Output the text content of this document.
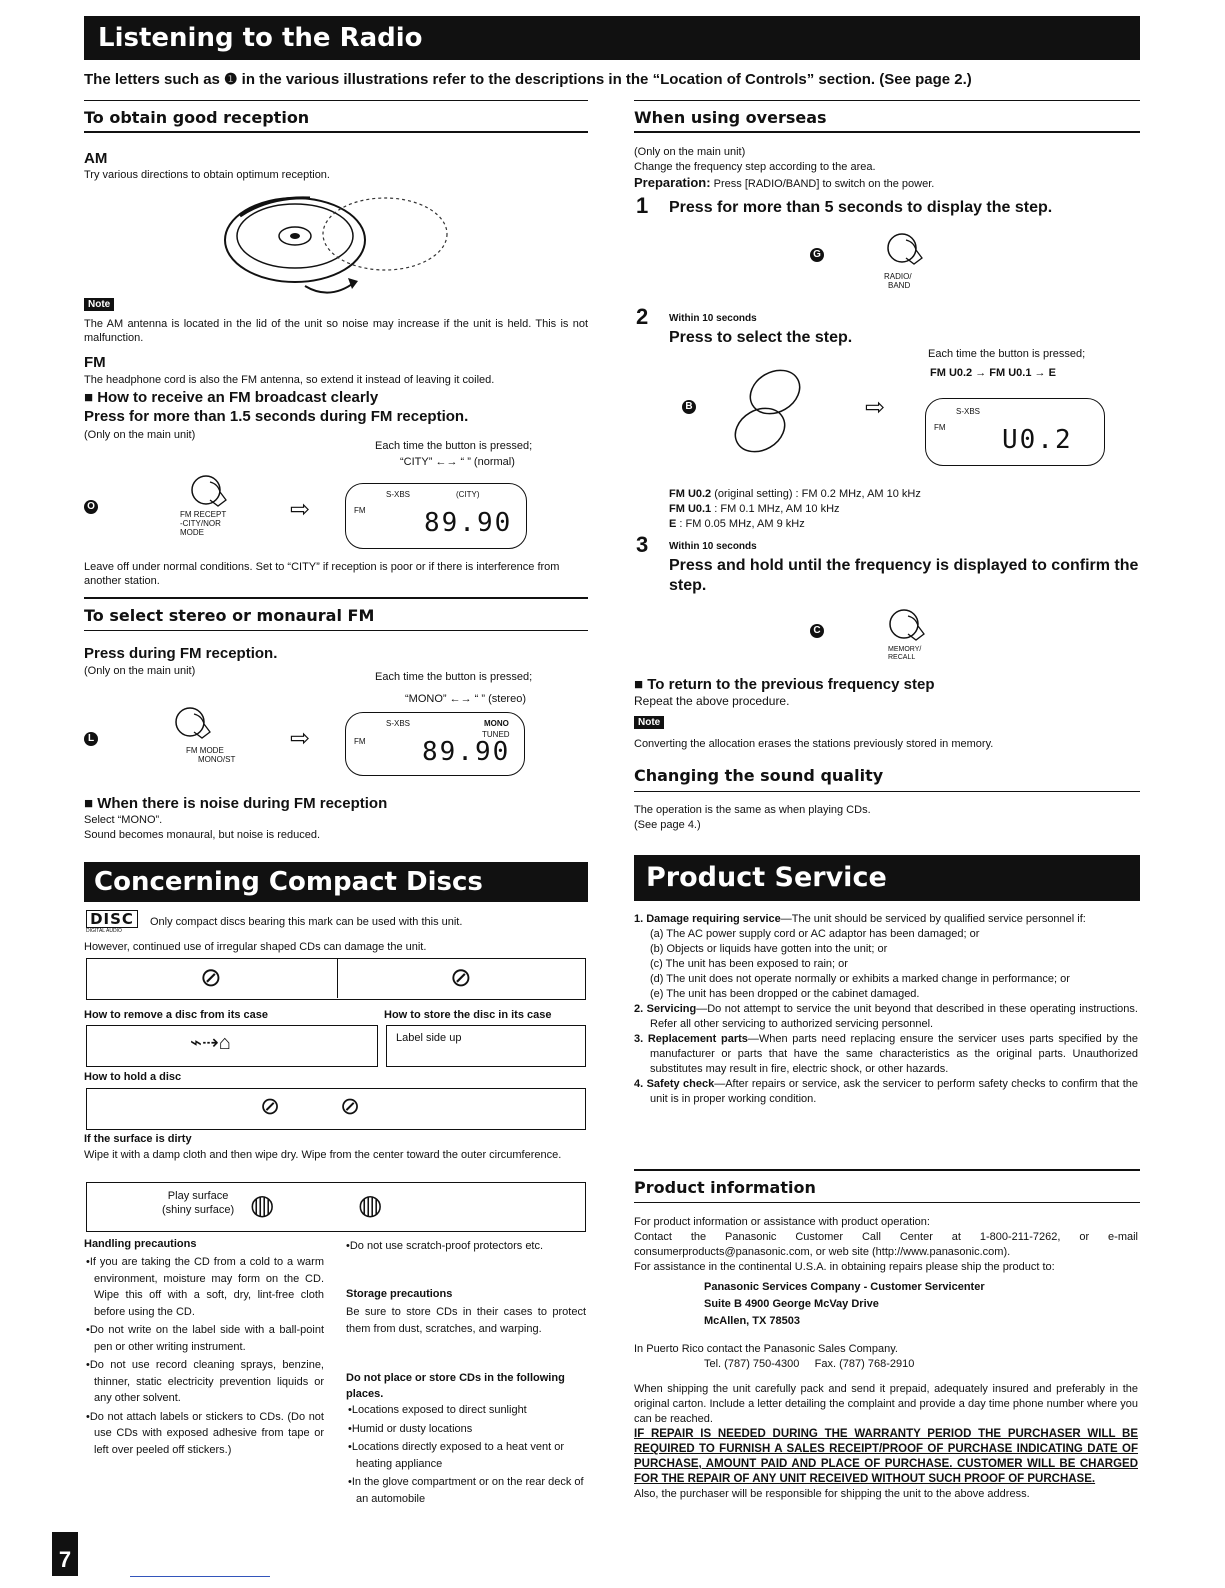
Listening to the Radio
The letters such as ❶ in the various illustrations refer to the descriptions in the “Location of Controls” section. (See page 2.)
To obtain good reception
AM
Try various directions to obtain optimum reception.
Note
The AM antenna is located in the lid of the unit so noise may increase if the unit is held. This is not malfunction.
FM
The headphone cord is also the FM antenna, so extend it instead of leaving it coiled.
■ How to receive an FM broadcast clearly
Press for more than 1.5 seconds during FM reception.
(Only on the main unit)
Each time the button is pressed;
“CITY” ←→ “ ” (normal)
O
FM RECEPT
-CITY/NOR
MODE
⇨
S-XBS	(CITY)
FM 89.90
Leave off under normal conditions. Set to “CITY” if reception is poor or if there is interference from another station.
To select stereo or monaural FM
Press during FM reception.
(Only on the main unit)	Each time the button is pressed;
“MONO” ←→ “ ” (stereo)
L
FM MODE
MONO/ST
⇨
S-XBS	MONO
TUNED
FM 89.90
■ When there is noise during FM reception
Select “MONO”.
Sound becomes monaural, but noise is reduced.
Concerning Compact Discs
DISC
DIGITAL AUDIO
Only compact discs bearing this mark can be used with this unit.
However, continued use of irregular shaped CDs can damage the unit.
⊘	⊘
How to remove a disc from its case	How to store the disc in its case
⌁⇢⌂	Label side up
How to hold a disc
⊘ ⊘
If the surface is dirty
Wipe it with a damp cloth and then wipe dry. Wipe from the center toward the outer circumference.
Play surface
(shiny surface) ◍	◍
Handling precautions
•If you are taking the CD from a cold to a warm environment, moisture may form on the CD. Wipe this off with a soft, dry, lint-free cloth before using the CD.
•Do not write on the label side with a ball-point pen or other writing instrument.
•Do not use record cleaning sprays, benzine, thinner, static electricity prevention liquids or any other solvent.
•Do not attach labels or stickers to CDs. (Do not use CDs with exposed adhesive from tape or left over peeled off stickers.)
•Do not use scratch-proof protectors etc.
Storage precautions
Be sure to store CDs in their cases to protect them from dust, scratches, and warping.
Do not place or store CDs in the following places.
•Locations exposed to direct sunlight
•Humid or dusty locations
•Locations directly exposed to a heat vent or heating appliance
•In the glove compartment or on the rear deck of an automobile
When using overseas
(Only on the main unit)
Change the frequency step according to the area.
Preparation: Press [RADIO/BAND] to switch on the power.
1 Press for more than 5 seconds to display the step.
G
RADIO/
BAND
2 Within 10 seconds
Press to select the step.
Each time the button is pressed;
FM U0.2 → FM U0.1 → E
B	⇨	S-XBS
FM U0.2
FM U0.2 (original setting) : FM 0.2 MHz, AM 10 kHz
FM U0.1 : FM 0.1 MHz, AM 10 kHz
E : FM 0.05 MHz, AM 9 kHz
3 Within 10 seconds
Press and hold until the frequency is displayed to confirm the step.
C
MEMORY/
RECALL
■ To return to the previous frequency step
Repeat the above procedure.
Note
Converting the allocation erases the stations previously stored in memory.
Changing the sound quality
The operation is the same as when playing CDs.
(See page 4.)
Product Service
1. Damage requiring service—The unit should be serviced by qualified service personnel if:
(a) The AC power supply cord or AC adaptor has been damaged; or
(b) Objects or liquids have gotten into the unit; or
(c) The unit has been exposed to rain; or
(d) The unit does not operate normally or exhibits a marked change in performance; or
(e) The unit has been dropped or the cabinet damaged.
2. Servicing—Do not attempt to service the unit beyond that described in these operating instructions. Refer all other servicing to authorized servicing personnel.
3. Replacement parts—When parts need replacing ensure the servicer uses parts specified by the manufacturer or parts that have the same characteristics as the original parts. Unauthorized substitutes may result in fire, electric shock, or other hazards.
4. Safety check—After repairs or service, ask the servicer to perform safety checks to confirm that the unit is in proper working condition.
Product information
For product information or assistance with product operation:
Contact the Panasonic Customer Call Center at 1-800-211-7262, or e-mail consumerproducts@panasonic.com, or web site (http://www.panasonic.com).
For assistance in the continental U.S.A. in obtaining repairs please ship the product to:
Panasonic Services Company - Customer Servicenter
Suite B 4900 George McVay Drive
McAllen, TX 78503
In Puerto Rico contact the Panasonic Sales Company.
Tel. (787) 750-4300     Fax. (787) 768-2910
When shipping the unit carefully pack and send it prepaid, adequately insured and preferably in the original carton. Include a letter detailing the complaint and provide a day time phone number where you can be reached.
IF REPAIR IS NEEDED DURING THE WARRANTY PERIOD THE PURCHASER WILL BE REQUIRED TO FURNISH A SALES RECEIPT/PROOF OF PURCHASE INDICATING DATE OF PURCHASE, AMOUNT PAID AND PLACE OF PURCHASE. CUSTOMER WILL BE CHARGED FOR THE REPAIR OF ANY UNIT RECEIVED WITHOUT SUCH PROOF OF PURCHASE.
Also, the purchaser will be responsible for shipping the unit to the above address.
7
